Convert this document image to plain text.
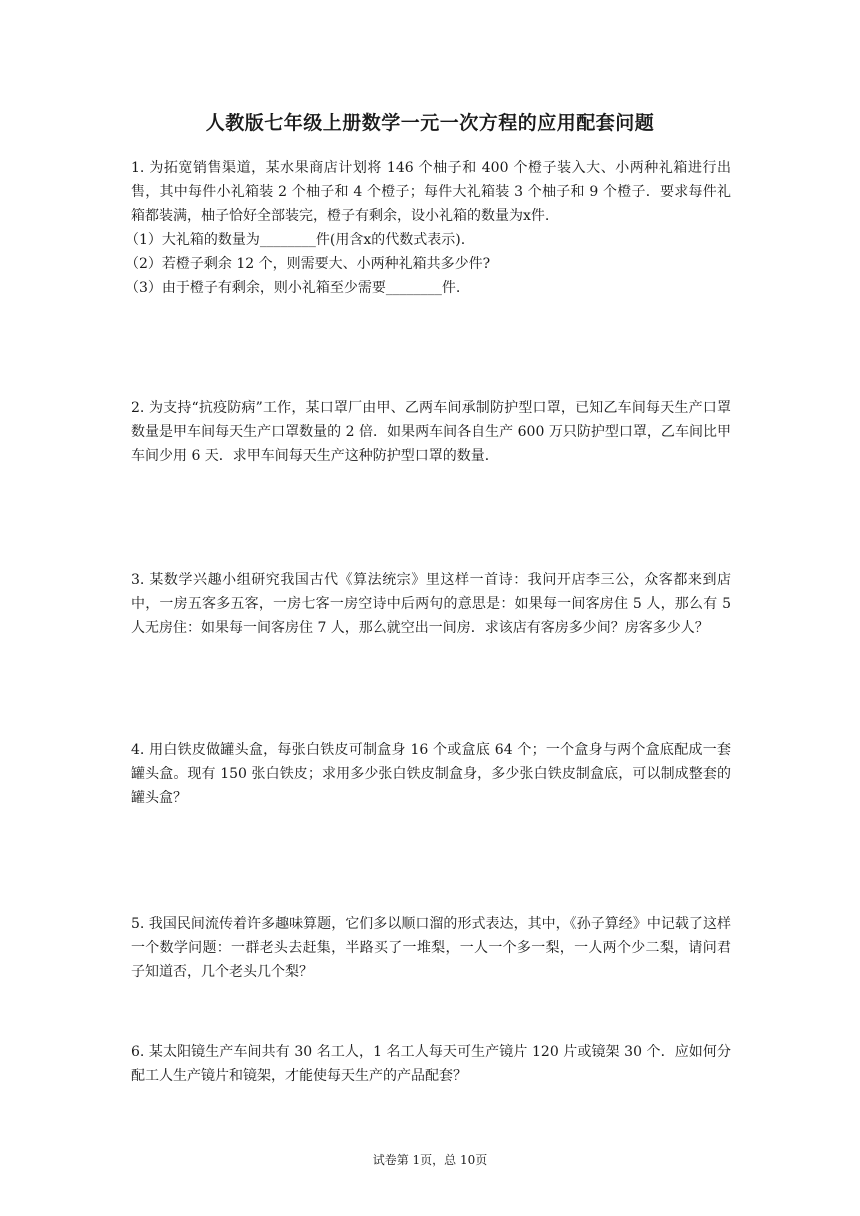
人教版七年级上册数学一元一次方程的应用配套问题

1. 为拓宽销售渠道，某水果商店计划将 146 个柚子和 400 个橙子装入大、小两种礼箱进行出售，其中每件小礼箱装 2 个柚子和 4 个橙子；每件大礼箱装 3 个柚子和 9 个橙子．要求每件礼箱都装满，柚子恰好全部装完，橙子有剩余，设小礼箱的数量为x件.

（1）大礼箱的数量为________件(用含x的代数式表示).

（2）若橙子剩余 12 个，则需要大、小两种礼箱共多少件?

（3）由于橙子有剩余，则小礼箱至少需要________件.

2. 为支持“抗疫防病”工作，某口罩厂由甲、乙两车间承制防护型口罩，已知乙车间每天生产口罩数量是甲车间每天生产口罩数量的 2 倍．如果两车间各自生产 600 万只防护型口罩，乙车间比甲车间少用 6 天．求甲车间每天生产这种防护型口罩的数量．

3. 某数学兴趣小组研究我国古代《算法统宗》里这样一首诗：我问开店李三公，众客都来到店中，一房五客多五客，一房七客一房空诗中后两句的意思是：如果每一间客房住 5 人，那么有 5 人无房住：如果每一间客房住 7 人，那么就空出一间房．求该店有客房多少间？房客多少人？

4. 用白铁皮做罐头盒，每张白铁皮可制盒身 16 个或盒底 64 个；一个盒身与两个盒底配成一套罐头盒。现有 150 张白铁皮；求用多少张白铁皮制盒身，多少张白铁皮制盒底，可以制成整套的罐头盒？

5. 我国民间流传着许多趣味算题，它们多以顺口溜的形式表达，其中，《孙子算经》中记载了这样一个数学问题：一群老头去赶集，半路买了一堆梨，一人一个多一梨，一人两个少二梨，请问君子知道否，几个老头几个梨？

6. 某太阳镜生产车间共有 30 名工人，1 名工人每天可生产镜片 120 片或镜架 30 个．应如何分配工人生产镜片和镜架，才能使每天生产的产品配套？

试卷第 1页，总 10页
